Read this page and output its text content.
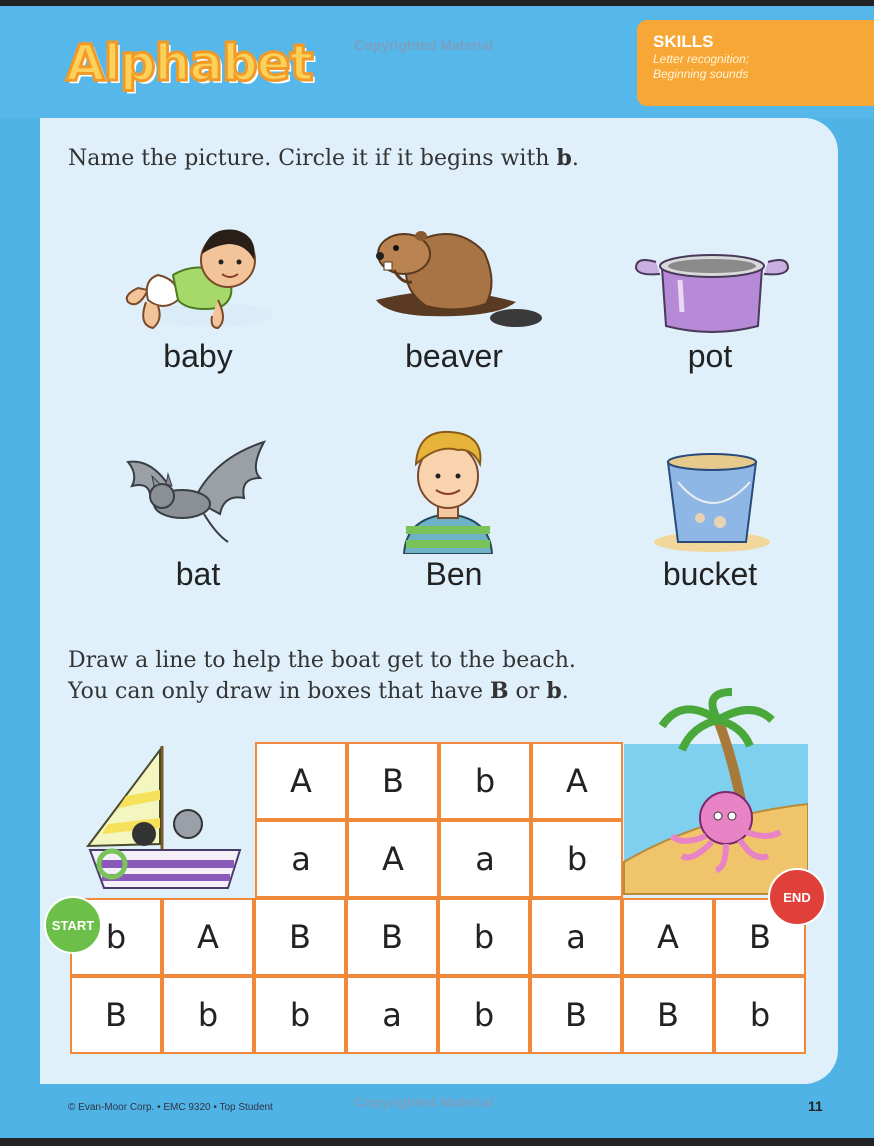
Alphabet	Copyrighted Material	SKILLS
Letter recognition;
Beginning sounds
Name the picture. Circle it if it begins with b.
baby	beaver	pot
bat	Ben	bucket
Draw a line to help the boat get to the beach.
You can only draw in boxes that have B or b.
© Evan-Moor Corp. • EMC 9320 • Top Student	Copyrighted Material	11
A	B	b	A
a	A	a	b
b	A	B	B	b	a	A	B
B	b	b	a	b	B	B	b
START
END
